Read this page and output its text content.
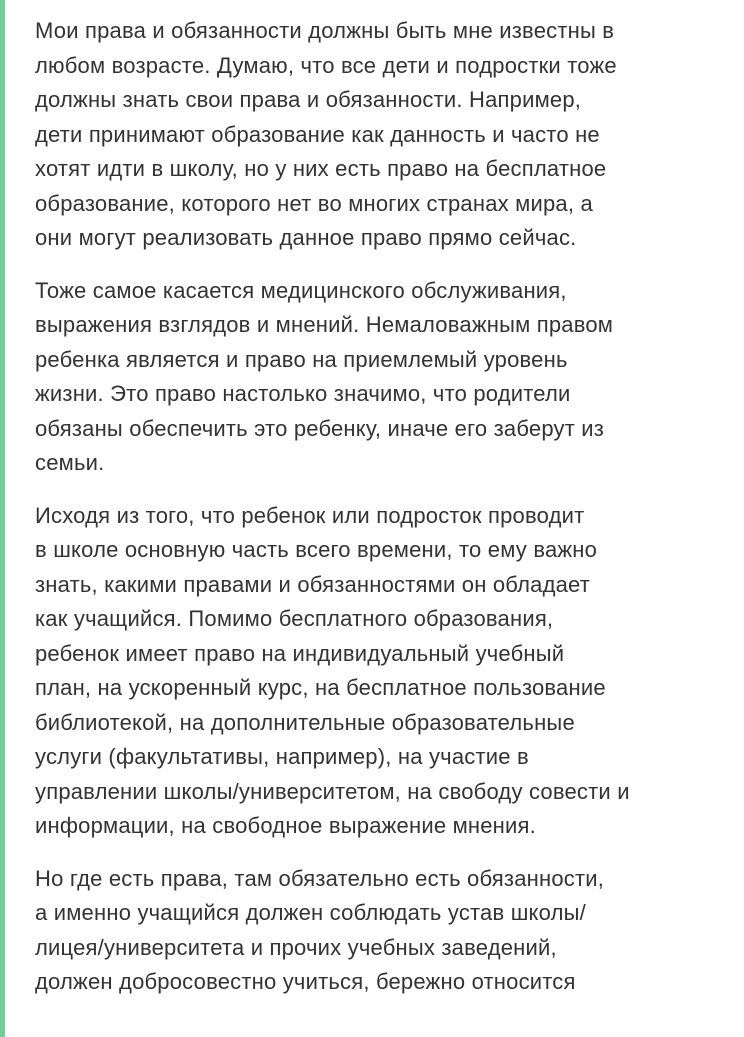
Мои права и обязанности должны быть мне известны в
любом возрасте. Думаю, что все дети и подростки тоже
должны знать свои права и обязанности. Например,
дети принимают образование как данность и часто не
хотят идти в школу, но у них есть право на бесплатное
образование, которого нет во многих странах мира, а
они могут реализовать данное право прямо сейчас.

Тоже самое касается медицинского обслуживания,
выражения взглядов и мнений. Немаловажным правом
ребенка является и право на приемлемый уровень
жизни. Это право настолько значимо, что родители
обязаны обеспечить это ребенку, иначе его заберут из
семьи.

Исходя из того, что ребенок или подросток проводит
в школе основную часть всего времени, то ему важно
знать, какими правами и обязанностями он обладает
как учащийся. Помимо бесплатного образования,
ребенок имеет право на индивидуальный учебный
план, на ускоренный курс, на бесплатное пользование
библиотекой, на дополнительные образовательные
услуги (факультативы, например), на участие в
управлении школы/университетом, на свободу совести и
информации, на свободное выражение мнения.

Но где есть права, там обязательно есть обязанности,
а именно учащийся должен соблюдать устав школы/
лицея/университета и прочих учебных заведений,
должен добросовестно учиться, бережно относится
